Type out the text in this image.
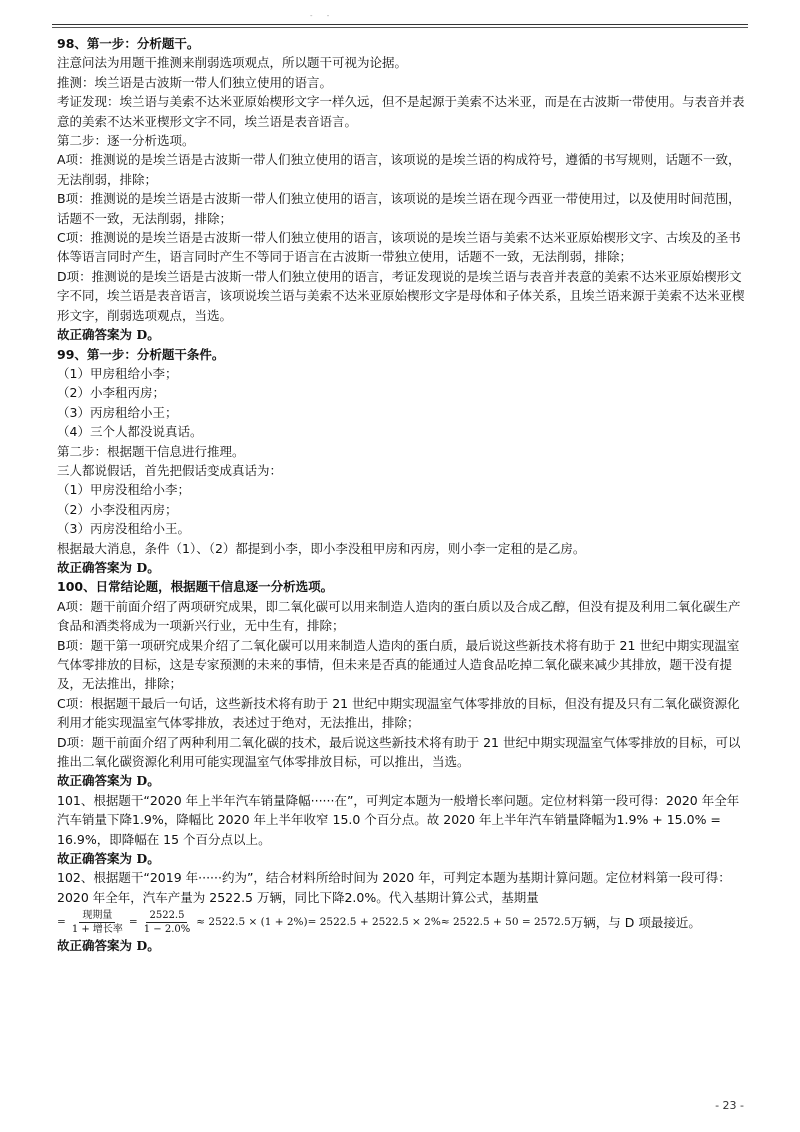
- -

98、第一步：分析题干。

注意问法为用题干推测来削弱选项观点，所以题干可视为论据。

推测：埃兰语是古波斯一带人们独立使用的语言。

考证发现：埃兰语与美索不达米亚原始楔形文字一样久远，但不是起源于美索不达米亚，而是在古波斯一带使用。与表音并表意的美索不达米亚楔形文字不同，埃兰语是表音语言。

第二步：逐一分析选项。

A项：推测说的是埃兰语是古波斯一带人们独立使用的语言，该项说的是埃兰语的构成符号，遵循的书写规则，话题不一致，无法削弱，排除；

B项：推测说的是埃兰语是古波斯一带人们独立使用的语言，该项说的是埃兰语在现今西亚一带使用过，以及使用时间范围，话题不一致，无法削弱，排除；

C项：推测说的是埃兰语是古波斯一带人们独立使用的语言，该项说的是埃兰语与美索不达米亚原始楔形文字、古埃及的圣书体等语言同时产生，语言同时产生不等同于语言在古波斯一带独立使用，话题不一致，无法削弱，排除；

D项：推测说的是埃兰语是古波斯一带人们独立使用的语言，考证发现说的是埃兰语与表音并表意的美索不达米亚原始楔形文字不同，埃兰语是表音语言，该项说埃兰语与美索不达米亚原始楔形文字是母体和子体关系，且埃兰语来源于美索不达米亚楔形文字，削弱选项观点，当选。

故正确答案为 D。

99、第一步：分析题干条件。

（1）甲房租给小李；

（2）小李租丙房；

（3）丙房租给小王；

（4）三个人都没说真话。

第二步：根据题干信息进行推理。

三人都说假话，首先把假话变成真话为：

（1）甲房没租给小李；

（2）小李没租丙房；

（3）丙房没租给小王。

根据最大消息，条件（1）、（2）都提到小李，即小李没租甲房和丙房，则小李一定租的是乙房。

故正确答案为 D。

100、日常结论题，根据题干信息逐一分析选项。

A项：题干前面介绍了两项研究成果，即二氧化碳可以用来制造人造肉的蛋白质以及合成乙醇，但没有提及利用二氧化碳生产食品和酒类将成为一项新兴行业，无中生有，排除；

B项：题干第一项研究成果介绍了二氧化碳可以用来制造人造肉的蛋白质，最后说这些新技术将有助于 21 世纪中期实现温室气体零排放的目标，这是专家预测的未来的事情，但未来是否真的能通过人造食品吃掉二氧化碳来减少其排放，题干没有提及，无法推出，排除；

C项：根据题干最后一句话，这些新技术将有助于 21 世纪中期实现温室气体零排放的目标，但没有提及只有二氧化碳资源化利用才能实现温室气体零排放，表述过于绝对，无法推出，排除；

D项：题干前面介绍了两种利用二氧化碳的技术，最后说这些新技术将有助于 21 世纪中期实现温室气体零排放的目标，可以推出二氧化碳资源化利用可能实现温室气体零排放目标，可以推出，当选。

故正确答案为 D。

101、根据题干“2020 年上半年汽车销量降幅······在”，可判定本题为一般增长率问题。定位材料第一段可得：2020 年全年汽车销量下降1.9%，降幅比 2020 年上半年收窄 15.0 个百分点。故 2020 年上半年汽车销量降幅为1.9% + 15.0% = 16.9%，即降幅在 15 个百分点以上。

故正确答案为 D。

102、根据题干“2019 年······约为”，结合材料所给时间为 2020 年，可判定本题为基期计算问题。定位材料第一段可得：2020 年全年，汽车产量为 2522.5 万辆，同比下降2.0%。代入基期计算公式，基期量

= $\frac{\text{现期量}}{\text{1 + 增长率}} = \frac{2522.5}{1 - 2.0\%} \approx 2522.5 \times (1 + 2\%)= 2522.5 + 2522.5 \times 2\%\approx 2522.5 + 50 = 2572.5$ 万辆，与 D 项最接近。

故正确答案为 D。

- 23 -
